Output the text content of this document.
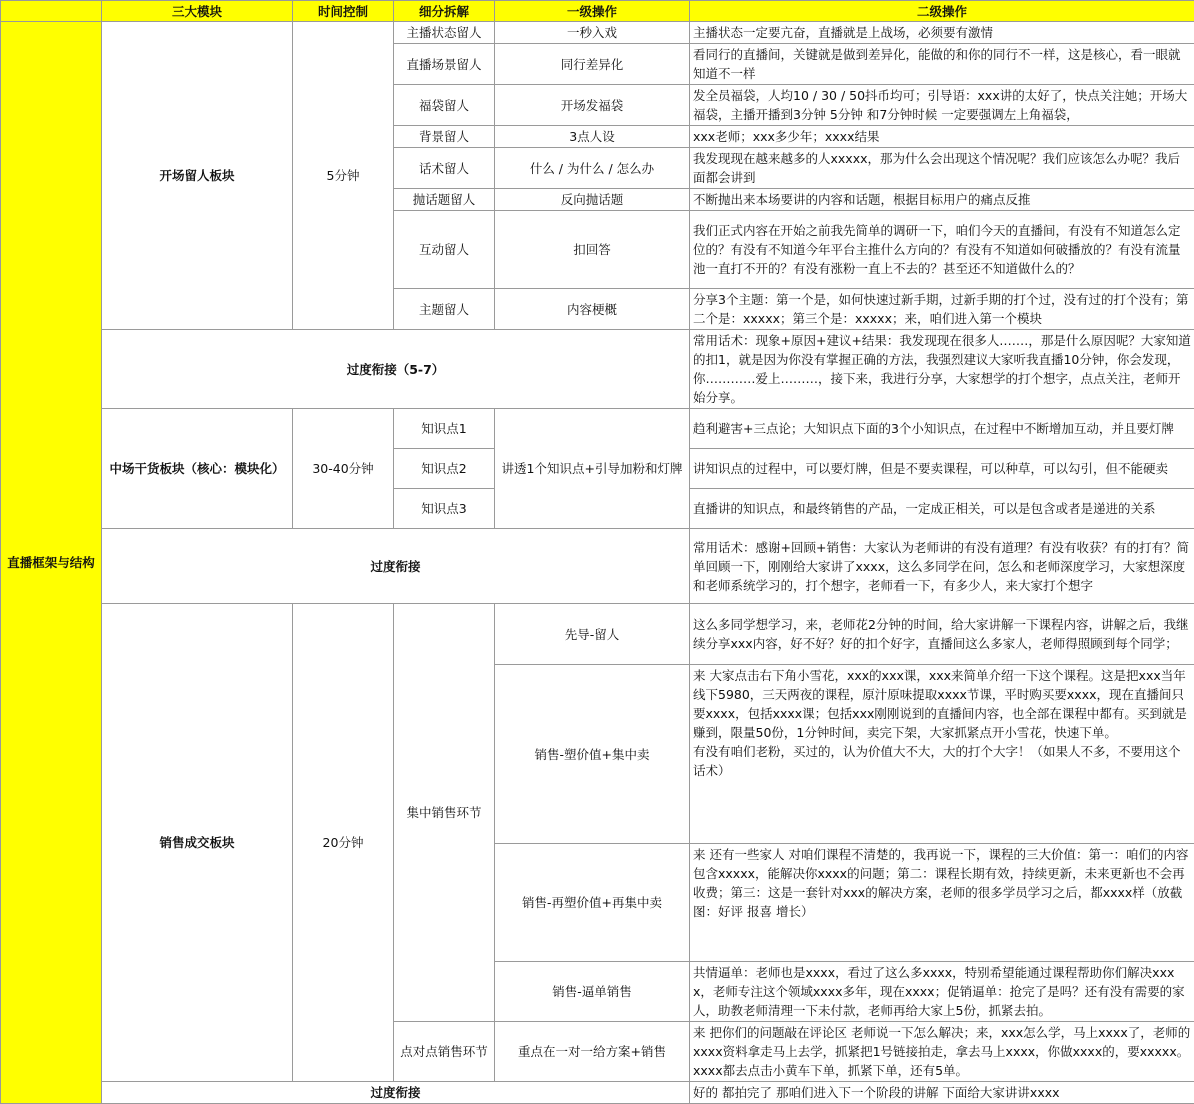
	三大模块	时间控制	细分拆解	一级操作	二级操作
直播框架与结构	开场留人板块	5分钟	主播状态留人	一秒入戏	主播状态一定要亢奋，直播就是上战场，必须要有激情
			直播场景留人	同行差异化	看同行的直播间，关键就是做到差异化，能做的和你的同行不一样，这是核心，看一眼就知道不一样
			福袋留人	开场发福袋	发全员福袋，人均10 / 30 / 50抖币均可；引导语：xxx讲的太好了，快点关注她；开场大福袋，主播开播到3分钟 5分钟 和7分钟时候 一定要强调左上角福袋，
			背景留人	3点人设	xxx老师；xxx多少年；xxxx结果
			话术留人	什么 / 为什么 / 怎么办	我发现现在越来越多的人xxxxx，那为什么会出现这个情况呢？我们应该怎么办呢？我后面都会讲到
			抛话题留人	反向抛话题	不断抛出来本场要讲的内容和话题，根据目标用户的痛点反推
			互动留人	扣回答	我们正式内容在开始之前我先简单的调研一下，咱们今天的直播间，有没有不知道怎么定位的？有没有不知道今年平台主推什么方向的？有没有不知道如何破播放的？有没有流量池一直打不开的？有没有涨粉一直上不去的？甚至还不知道做什么的？
			主题留人	内容梗概	分享3个主题：第一个是，如何快速过新手期，过新手期的打个过，没有过的打个没有；第二个是：xxxxx；第三个是：xxxxx；来，咱们进入第一个模块
	过度衔接（5-7）				常用话术：现象+原因+建议+结果：我发现现在很多人.……，那是什么原因呢？大家知道的扣1，就是因为你没有掌握正确的方法，我强烈建议大家听我直播10分钟，你会发现，你…………爱上………，接下来，我进行分享，大家想学的打个想字，点点关注，老师开始分享。
	中场干货板块（核心：模块化）	30-40分钟	知识点1	讲透1个知识点+引导加粉和灯牌	趋利避害+三点论；大知识点下面的3个小知识点，在过程中不断增加互动，并且要灯牌
			知识点2		讲知识点的过程中，可以要灯牌，但是不要卖课程，可以种草，可以勾引，但不能硬卖
			知识点3		直播讲的知识点，和最终销售的产品，一定成正相关，可以是包含或者是递进的关系
	过度衔接				常用话术：感谢+回顾+销售：大家认为老师讲的有没有道理？有没有收获？有的打有？简单回顾一下，刚刚给大家讲了xxxx，这么多同学在问，怎么和老师深度学习，大家想深度和老师系统学习的，打个想字，老师看一下，有多少人，来大家打个想字
	销售成交板块	20分钟	集中销售环节	先导-留人	这么多同学想学习，来，老师花2分钟的时间，给大家讲解一下课程内容，讲解之后，我继续分享xxx内容，好不好？好的扣个好字，直播间这么多家人，老师得照顾到每个同学；
				销售-塑价值+集中卖	来 大家点击右下角小雪花，xxx的xxx课，xxx来简单介绍一下这个课程。这是把xxx当年线下5980，三天两夜的课程，原汁原味提取xxxx节课，平时购买要xxxx，现在直播间只要xxxx，包括xxxx课；包括xxx刚刚说到的直播间内容，也全部在课程中都有。买到就是赚到，限量50份，1分钟时间，卖完下架，大家抓紧点开小雪花，快速下单。
有没有咱们老粉，买过的，认为价值大不大，大的打个大字！（如果人不多，不要用这个话术）
				销售-再塑价值+再集中卖	来 还有一些家人 对咱们课程不清楚的，我再说一下，课程的三大价值：第一：咱们的内容包含xxxxx，能解决你xxxx的问题；第二：课程长期有效，持续更新，未来更新也不会再收费；第三：这是一套针对xxx的解决方案，老师的很多学员学习之后，都xxxx样（放截图：好评 报喜 增长）
				销售-逼单销售	共情逼单：老师也是xxxx，看过了这么多xxxx，特别希望能通过课程帮助你们解决xxxx，老师专注这个领域xxxx多年，现在xxxx；促销逼单：抢完了是吗？还有没有需要的家人，助教老师清理一下未付款，老师再给大家上5份，抓紧去拍。
			点对点销售环节	重点在一对一给方案+销售	来 把你们的问题敲在评论区 老师说一下怎么解决；来，xxx怎么学，马上xxxx了，老师的xxxx资料拿走马上去学，抓紧把1号链接拍走，拿去马上xxxx，你做xxxx的，要xxxxx。xxxx都去点击小黄车下单，抓紧下单，还有5单。
	过度衔接				好的 都拍完了 那咱们进入下一个阶段的讲解 下面给大家讲讲xxxx
